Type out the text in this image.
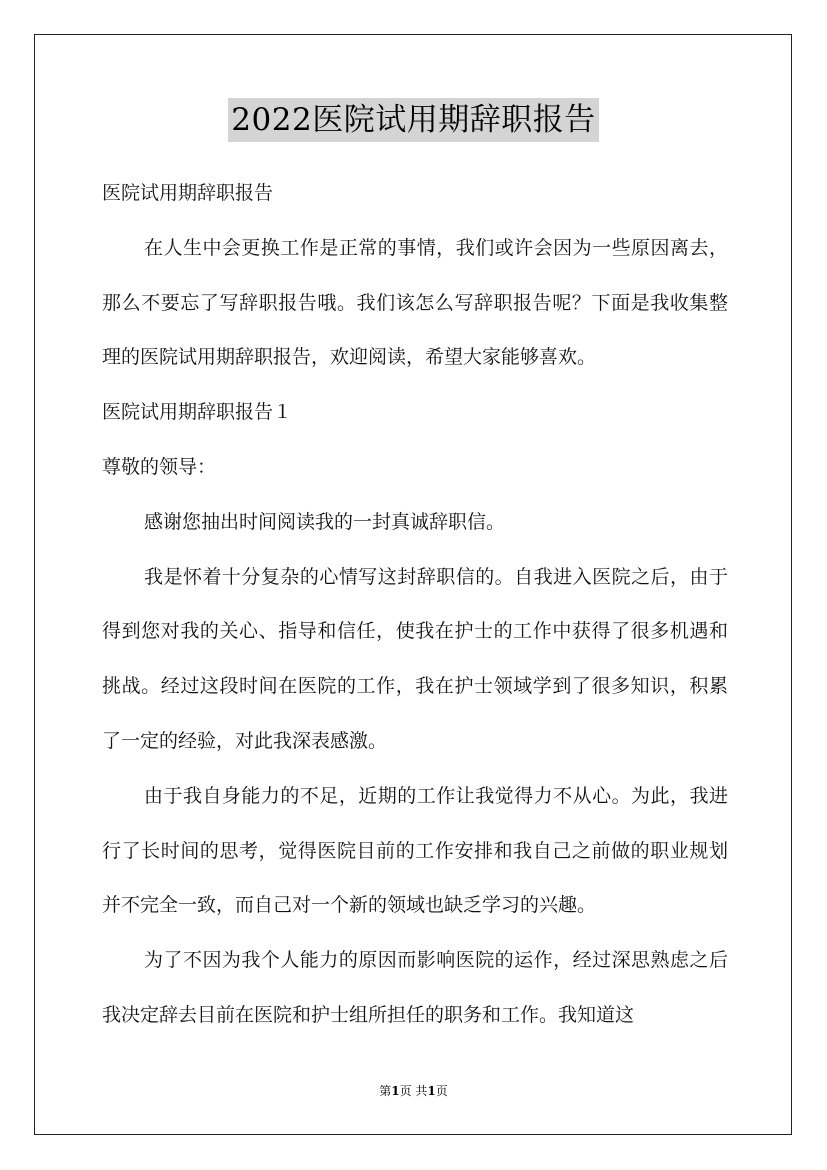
2022医院试用期辞职报告

医院试用期辞职报告

在人生中会更换工作是正常的事情，我们或许会因为一些原因离去，那么不要忘了写辞职报告哦。我们该怎么写辞职报告呢？下面是我收集整理的医院试用期辞职报告，欢迎阅读，希望大家能够喜欢。

医院试用期辞职报告１

尊敬的领导：

感谢您抽出时间阅读我的一封真诚辞职信。

我是怀着十分复杂的心情写这封辞职信的。自我进入医院之后，由于得到您对我的关心、指导和信任，使我在护士的工作中获得了很多机遇和挑战。经过这段时间在医院的工作，我在护士领域学到了很多知识，积累了一定的经验，对此我深表感激。

由于我自身能力的不足，近期的工作让我觉得力不从心。为此，我进行了长时间的思考，觉得医院目前的工作安排和我自己之前做的职业规划并不完全一致，而自己对一个新的领域也缺乏学习的兴趣。

为了不因为我个人能力的原因而影响医院的运作，经过深思熟虑之后我决定辞去目前在医院和护士组所担任的职务和工作。我知道这

第1页 共1页
